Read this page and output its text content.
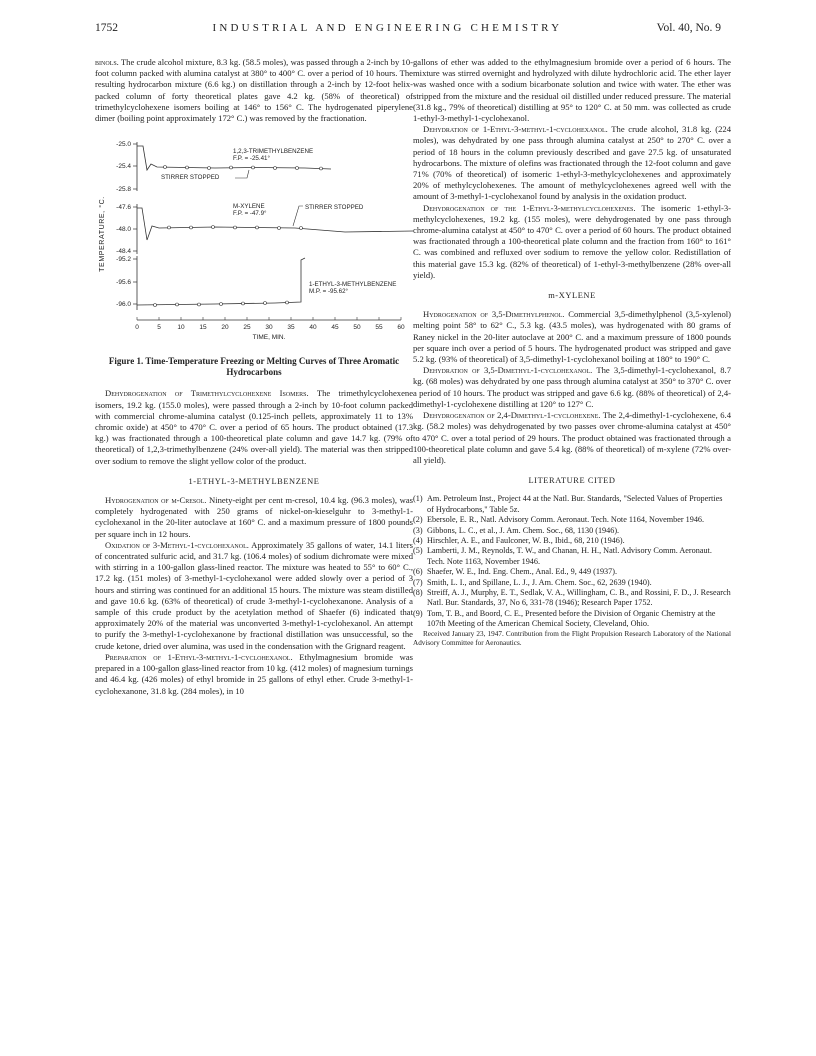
1752	INDUSTRIAL AND ENGINEERING CHEMISTRY	Vol. 40, No. 9

binols. The crude alcohol mixture, 8.3 kg. (58.5 moles), was passed through a 2-inch by 10-foot column packed with alumina catalyst at 380° to 400° C. over a period of 10 hours. The resulting hydrocarbon mixture (6.6 kg.) on distillation through a 2-inch by 12-foot helix-packed column of forty theoretical plates gave 4.2 kg. (58% of theoretical) of trimethylcyclohexene isomers boiling at 146° to 156° C. The hydrogenated piperylene dimer (boiling point approximately 172° C.) was removed by the fractionation.

TEMPERATURE, °C.
-25.0
-25.4
-25.8
1,2,3-TRIMETHYLBENZENE
F.P. = -25.41°
STIRRER STOPPED
-47.6
-48.0
-48.4
M-XYLENE
F.P. = -47.9°
STIRRER STOPPED
-95.2
-95.6
-96.0
1-ETHYL-3-METHYLBENZENE
M.P. = -95.62°
0	5	10 15 20 25 30 35 40 45 50 55 60
TIME, MIN.
Figure 1. Time-Temperature Freezing or Melting Curves of Three Aromatic Hydrocarbons

Dehydrogenation of Trimethylcyclohexene Isomers. The trimethylcyclohexene isomers, 19.2 kg. (155.0 moles), were passed through a 2-inch by 10-foot column packed with commercial chrome-alumina catalyst (0.125-inch pellets, approximately 11 to 13% chromic oxide) at 450° to 470° C. over a period of 65 hours. The product obtained (17.3 kg.) was fractionated through a 100-theoretical plate column and gave 14.7 kg. (79% of theoretical) of 1,2,3-trimethylbenzene (24% over-all yield). The material was then stripped over sodium to remove the slight yellow color of the product.

1-ETHYL-3-METHYLBENZENE

Hydrogenation of m-Cresol. Ninety-eight per cent m-cresol, 10.4 kg. (96.3 moles), was completely hydrogenated with 250 grams of nickel-on-kieselguhr to 3-methyl-1-cyclohexanol in the 20-liter autoclave at 160° C. and a maximum pressure of 1800 pounds per square inch in 12 hours.

Oxidation of 3-Methyl-1-cyclohexanol. Approximately 35 gallons of water, 14.1 liters of concentrated sulfuric acid, and 31.7 kg. (106.4 moles) of sodium dichromate were mixed with stirring in a 100-gallon glass-lined reactor. The mixture was heated to 55° to 60° C., 17.2 kg. (151 moles) of 3-methyl-1-cyclohexanol were added slowly over a period of 3 hours and stirring was continued for an additional 15 hours. The mixture was steam distilled and gave 10.6 kg. (63% of theoretical) of crude 3-methyl-1-cyclohexanone. Analysis of a sample of this crude product by the acetylation method of Shaefer (6) indicated that approximately 20% of the material was unconverted 3-methyl-1-cyclohexanol. An attempt to purify the 3-methyl-1-cyclohexanone by fractional distillation was unsuccessful, so the crude ketone, dried over alumina, was used in the condensation with the Grignard reagent.

Preparation of 1-Ethyl-3-methyl-1-cyclohexanol. Ethylmagnesium bromide was prepared in a 100-gallon glass-lined reactor from 10 kg. (412 moles) of magnesium turnings and 46.4 kg. (426 moles) of ethyl bromide in 25 gallons of ethyl ether. Crude 3-methyl-1-cyclohexanone, 31.8 kg. (284 moles), in 10

gallons of ether was added to the ethylmagnesium bromide over a period of 6 hours. The mixture was stirred overnight and hydrolyzed with dilute hydrochloric acid. The ether layer was washed once with a sodium bicarbonate solution and twice with water. The ether was stripped from the mixture and the residual oil distilled under reduced pressure. The material (31.8 kg., 79% of theoretical) distilling at 95° to 120° C. at 50 mm. was collected as crude 1-ethyl-3-methyl-1-cyclohexanol.

Dehydration of 1-Ethyl-3-methyl-1-cyclohexanol. The crude alcohol, 31.8 kg. (224 moles), was dehydrated by one pass through alumina catalyst at 250° to 270° C. over a period of 18 hours in the column previously described and gave 27.5 kg. of unsaturated hydrocarbons. The mixture of olefins was fractionated through the 12-foot column and gave 71% (70% of theoretical) of isomeric 1-ethyl-3-methylcyclohexenes and approximately 20% of methylcyclohexenes. The amount of methylcyclohexenes agreed well with the amount of 3-methyl-1-cyclohexanol found by analysis in the oxidation product.

Dehydrogenation of the 1-Ethyl-3-methylcyclohexenes. The isomeric 1-ethyl-3-methylcyclohexenes, 19.2 kg. (155 moles), were dehydrogenated by one pass through chrome-alumina catalyst at 450° to 470° C. over a period of 60 hours. The product obtained was fractionated through a 100-theoretical plate column and the fraction from 160° to 161° C. was combined and refluxed over sodium to remove the yellow color. Redistillation of this material gave 15.3 kg. (82% of theoretical) of 1-ethyl-3-methylbenzene (28% over-all yield).

m-XYLENE

Hydrogenation of 3,5-Dimethylphenol. Commercial 3,5-dimethylphenol (3,5-xylenol) melting point 58° to 62° C., 5.3 kg. (43.5 moles), was hydrogenated with 80 grams of Raney nickel in the 20-liter autoclave at 200° C. and a maximum pressure of 1800 pounds per square inch over a period of 5 hours. The hydrogenated product was stripped and gave 5.2 kg. (93% of theoretical) of 3,5-dimethyl-1-cyclohexanol boiling at 180° to 190° C.

Dehydration of 3,5-Dimethyl-1-cyclohexanol. The 3,5-dimethyl-1-cyclohexanol, 8.7 kg. (68 moles) was dehydrated by one pass through alumina catalyst at 350° to 370° C. over a period of 10 hours. The product was stripped and gave 6.6 kg. (88% of theoretical) of 2,4-dimethyl-1-cyclohexene distilling at 120° to 127° C.

Dehydrogenation of 2,4-Dimethyl-1-cyclohexene. The 2,4-dimethyl-1-cyclohexene, 6.4 kg. (58.2 moles) was dehydrogenated by two passes over chrome-alumina catalyst at 450° to 470° C. over a total period of 29 hours. The product obtained was fractionated through a 100-theoretical plate column and gave 5.4 kg. (88% of theoretical) of m-xylene (72% over-all yield).

LITERATURE CITED
(1) Am. Petroleum Inst., Project 44 at the Natl. Bur. Standards, "Selected Values of Properties of Hydrocarbons," Table 5z.
(2) Ebersole, E. R., Natl. Advisory Comm. Aeronaut. Tech. Note 1164, November 1946.
(3) Gibbons, L. C., et al., J. Am. Chem. Soc., 68, 1130 (1946).
(4) Hirschler, A. E., and Faulconer, W. B., Ibid., 68, 210 (1946).
(5) Lamberti, J. M., Reynolds, T. W., and Chanan, H. H., Natl. Advisory Comm. Aeronaut. Tech. Note 1163, November 1946.
(6) Shaefer, W. E., Ind. Eng. Chem., Anal. Ed., 9, 449 (1937).
(7) Smith, L. I., and Spillane, L. J., J. Am. Chem. Soc., 62, 2639 (1940).
(8) Streiff, A. J., Murphy, E. T., Sedlak, V. A., Willingham, C. B., and Rossini, F. D., J. Research Natl. Bur. Standards, 37, No 6, 331-78 (1946); Research Paper 1752.
(9) Tom, T. B., and Boord, C. E., Presented before the Division of Organic Chemistry at the 107th Meeting of the American Chemical Society, Cleveland, Ohio.

Received January 23, 1947. Contribution from the Flight Propulsion Research Laboratory of the National Advisory Committee for Aeronautics.
